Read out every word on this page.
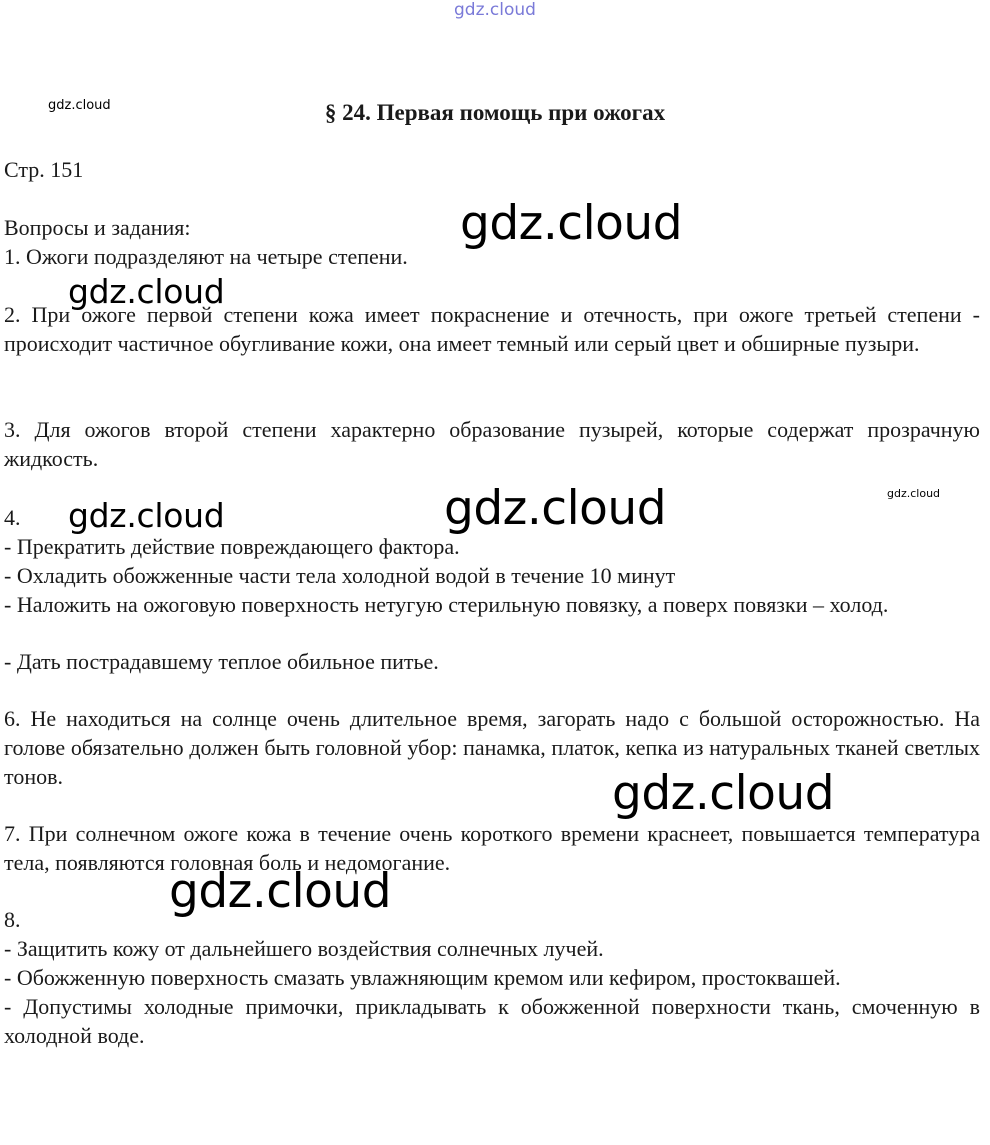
gdz.cloud
gdz.cloud
gdz.cloud
gdz.cloud
gdz.cloud	gdz.cloud
gdz.cloud
gdz.cloud
gdz.cloud
§ 24. Первая помощь при ожогах
Стр. 151
Вопросы и задания:
1. Ожоги подразделяют на четыре степени.
2. При ожоге первой степени кожа имеет покраснение и отечность, при ожоге третьей степени - происходит частичное обугливание кожи, она имеет темный или серый цвет и обширные пузыри.
3. Для ожогов второй степени характерно образование пузырей, которые содержат прозрачную жидкость.
4.
- Прекратить действие повреждающего фактора.
- Охладить обожженные части тела холодной водой в течение 10 минут
- Наложить на ожоговую поверхность нетугую стерильную повязку, а поверх повязки – холод.
- Дать пострадавшему теплое обильное питье.
6. Не находиться на солнце очень длительное время, загорать надо с большой осторожностью. На голове обязательно должен быть головной убор: панамка, платок, кепка из натуральных тканей светлых тонов.
7. При солнечном ожоге кожа в течение очень короткого времени краснеет, повышается температура тела, появляются головная боль и недомогание.
8.
- Защитить кожу от дальнейшего воздействия солнечных лучей.
- Обожженную поверхность смазать увлажняющим кремом или кефиром, простоквашей.
- Допустимы холодные примочки, прикладывать к обожженной поверхности ткань, смоченную в холодной воде.
